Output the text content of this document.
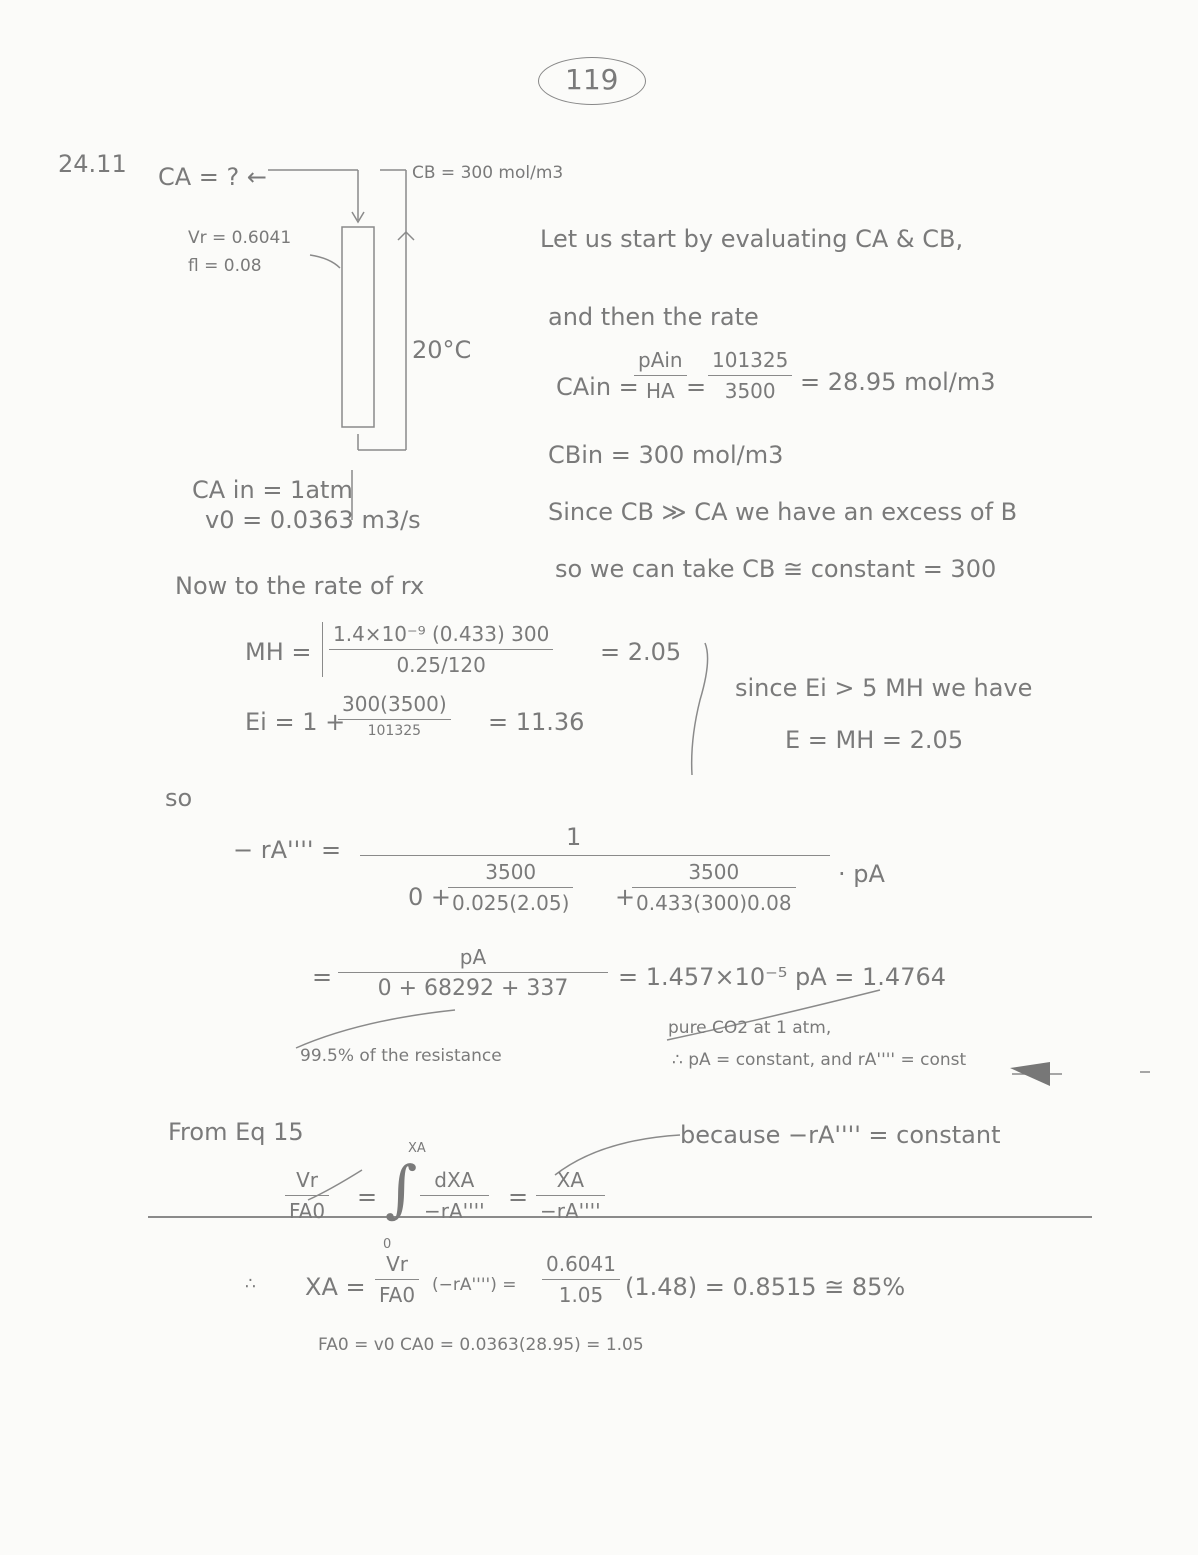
119
24.11 CA = ? ←	CB = 300 mol/m3
Vr = 0.6041
fl = 0.08
20°C
CA in = 1atm
v0 = 0.0363 m3/s
Let us start by evaluating CA & CB,
and then the rate
CAin =
pAin
HA =
101325
3500 = 28.95 mol/m3
CBin = 300 mol/m3
Since CB ≫ CA we have an excess of B
so we can take CB ≅ constant = 300
Now to the rate of rx
MH =
1.4×10⁻⁹ (0.433) 300
0.25/120	= 2.05
Ei = 1 +
300(3500)
101325	= 11.36
since Ei > 5 MH we have
E = MH = 2.05
so
− rA'''' =	1
0 +
3500
0.025(2.05) +
3500
0.433(300)0.08
· pA
=
pA
0 + 68292 + 337 = 1.457×10⁻⁵ pA = 1.4764
99.5% of the resistance
pure CO2 at 1 atm,
∴ pA = constant, and rA'''' = const
From Eq 15	because −rA'''' = constant
Vr
FA0 = ∫
XA
0
dXA
−rA'''' =
XA
−rA''''
∴ XA =
Vr
FA0 (−rA'''') =
0.6041
1.05 (1.48) = 0.8515 ≅ 85%
FA0 = v0 CA0 = 0.0363(28.95) = 1.05
